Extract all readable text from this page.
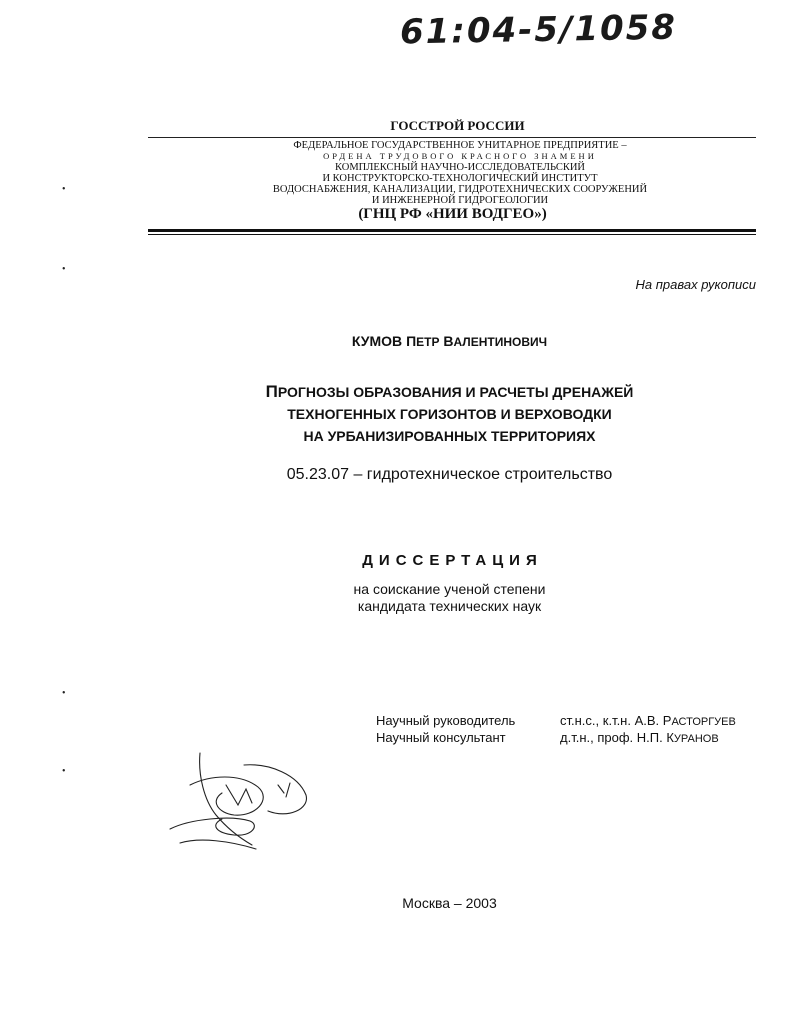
61:04-5/1058
ГОССТРОЙ РОССИИ
ФЕДЕРАЛЬНОЕ ГОСУДАРСТВЕННОЕ УНИТАРНОЕ ПРЕДПРИЯТИЕ –
ОРДЕНА ТРУДОВОГО КРАСНОГО ЗНАМЕНИ
КОМПЛЕКСНЫЙ НАУЧНО-ИССЛЕДОВАТЕЛЬСКИЙ
И КОНСТРУКТОРСКО-ТЕХНОЛОГИЧЕСКИЙ ИНСТИТУТ
ВОДОСНАБЖЕНИЯ, КАНАЛИЗАЦИИ, ГИДРОТЕХНИЧЕСКИХ СООРУЖЕНИЙ
И ИНЖЕНЕРНОЙ ГИДРОГЕОЛОГИИ
(ГНЦ РФ «НИИ ВОДГЕО»)
На правах рукописи
КУМОВ ПЕТР ВАЛЕНТИНОВИЧ
ПРОГНОЗЫ ОБРАЗОВАНИЯ И РАСЧЕТЫ ДРЕНАЖЕЙ
ТЕХНОГЕННЫХ ГОРИЗОНТОВ И ВЕРХОВОДКИ
НА УРБАНИЗИРОВАННЫХ ТЕРРИТОРИЯХ
05.23.07 – гидротехническое строительство
ДИССЕРТАЦИЯ
на соискание ученой степени
кандидата технических наук
Научный руководитель	ст.н.с., к.т.н. А.В. РАСТОРГУЕВ
Научный консультант	д.т.н., проф. Н.П. КУРАНОВ
Москва – 2003
•
•
•
•
